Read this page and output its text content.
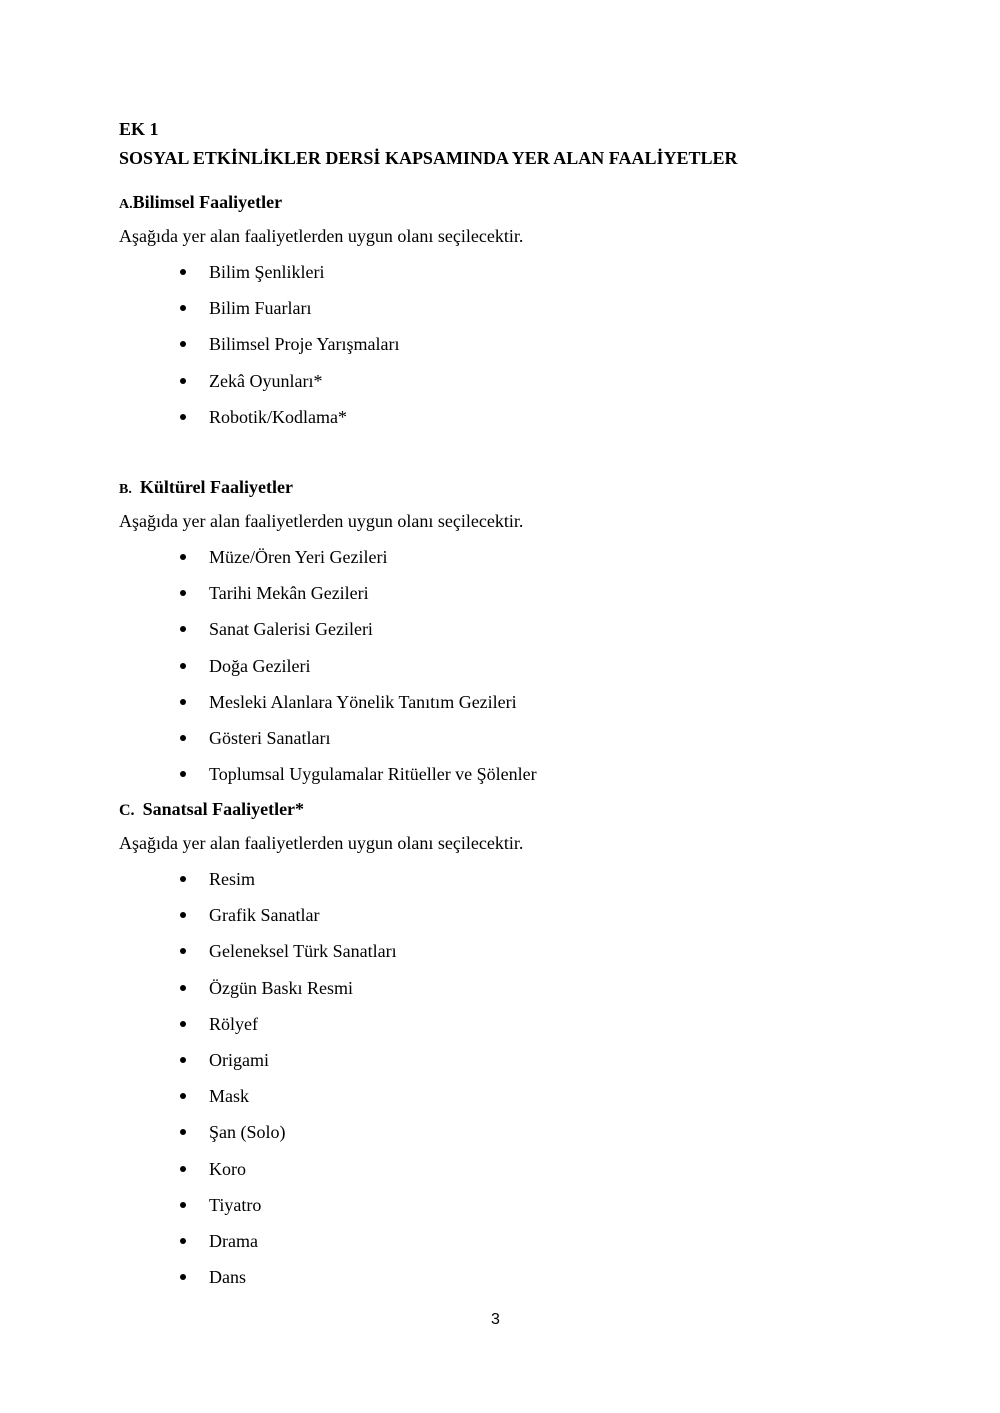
EK 1
SOSYAL ETKİNLİKLER DERSİ KAPSAMINDA YER ALAN FAALİYETLER
A.Bilimsel Faaliyetler
Aşağıda yer alan faaliyetlerden uygun olanı seçilecektir.
Bilim Şenlikleri
Bilim Fuarları
Bilimsel Proje Yarışmaları
Zekâ Oyunları*
Robotik/Kodlama*
B. Kültürel Faaliyetler
Aşağıda yer alan faaliyetlerden uygun olanı seçilecektir.
Müze/Ören Yeri Gezileri
Tarihi Mekân Gezileri
Sanat Galerisi Gezileri
Doğa Gezileri
Mesleki Alanlara Yönelik Tanıtım Gezileri
Gösteri Sanatları
Toplumsal Uygulamalar Ritüeller ve Şölenler
C. Sanatsal Faaliyetler*
Aşağıda yer alan faaliyetlerden uygun olanı seçilecektir.
Resim
Grafik Sanatlar
Geleneksel Türk Sanatları
Özgün Baskı Resmi
Rölyef
Origami
Mask
Şan (Solo)
Koro
Tiyatro
Drama
Dans
3
